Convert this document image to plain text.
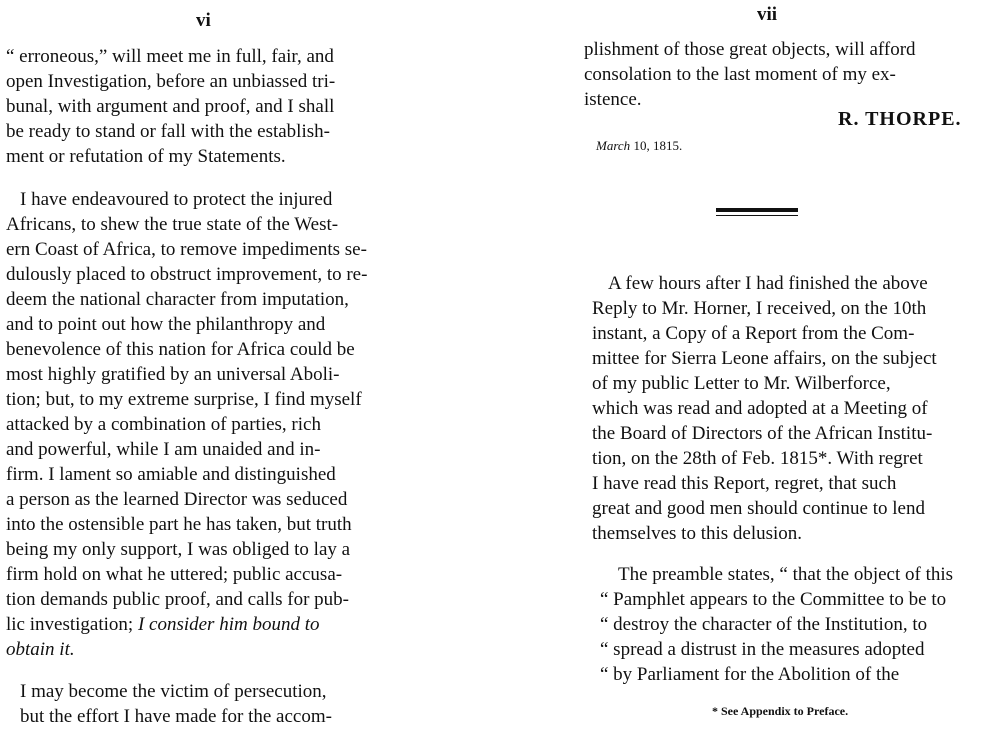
vi
“ erroneous,” will meet me in full, fair, and
open Investigation, before an unbiassed tri-
bunal, with argument and proof, and I shall
be ready to stand or fall with the establish-
ment or refutation of my Statements.
I have endeavoured to protect the injured
Africans, to shew the true state of the West-
ern Coast of Africa, to remove impediments se-
dulously placed to obstruct improvement, to re-
deem the national character from imputation,
and to point out how the philanthropy and
benevolence of this nation for Africa could be
most highly gratified by an universal Aboli-
tion; but, to my extreme surprise, I find myself
attacked by a combination of parties, rich
and powerful, while I am unaided and in-
firm. I lament so amiable and distinguished
a person as the learned Director was seduced
into the ostensible part he has taken, but truth
being my only support, I was obliged to lay a
firm hold on what he uttered; public accusa-
tion demands public proof, and calls for pub-
lic investigation; I consider him bound to
obtain it.
I may become the victim of persecution,
but the effort I have made for the accom-
vii
plishment of those great objects, will afford
consolation to the last moment of my ex-
istence.
R. THORPE.
March 10, 1815.
A few hours after I had finished the above
Reply to Mr. Horner, I received, on the 10th
instant, a Copy of a Report from the Com-
mittee for Sierra Leone affairs, on the subject
of my public Letter to Mr. Wilberforce,
which was read and adopted at a Meeting of
the Board of Directors of the African Institu-
tion, on the 28th of Feb. 1815*. With regret
I have read this Report, regret, that such
great and good men should continue to lend
themselves to this delusion.
The preamble states, “ that the object of this
“ Pamphlet appears to the Committee to be to
“ destroy the character of the Institution, to
“ spread a distrust in the measures adopted
“ by Parliament for the Abolition of the
* See Appendix to Preface.
